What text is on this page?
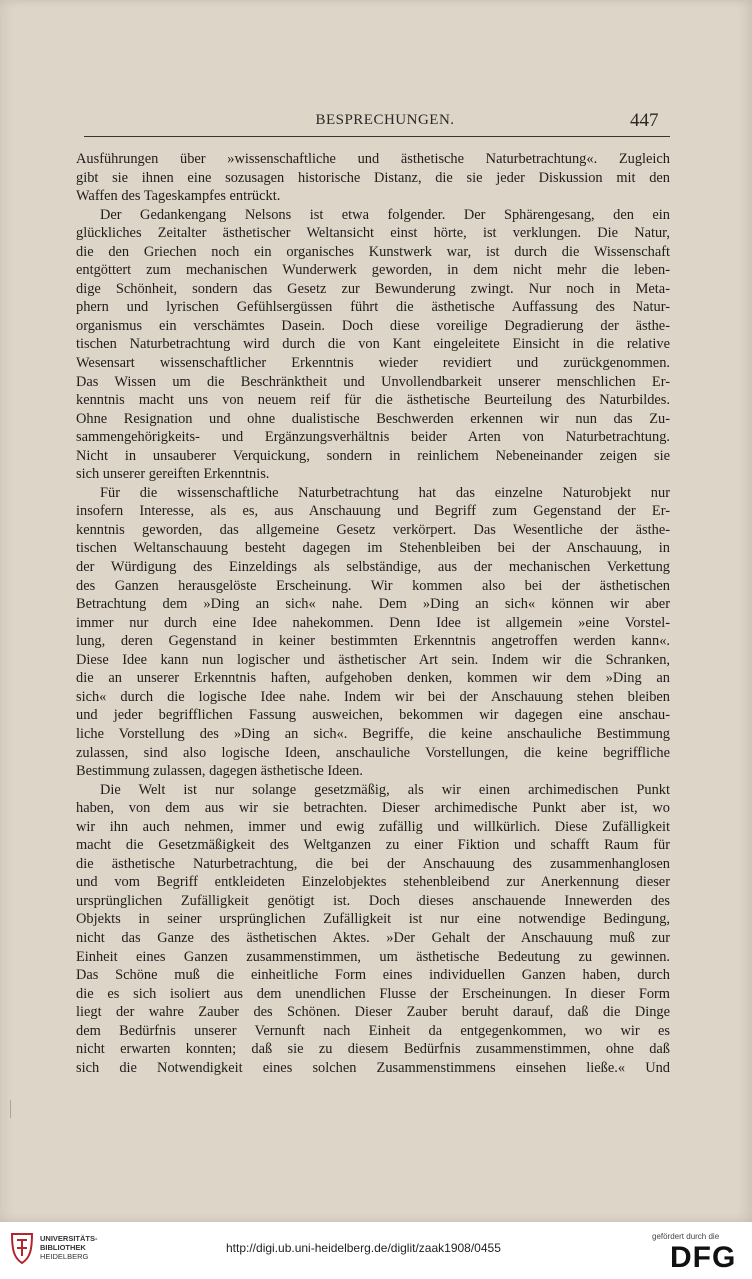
BESPRECHUNGEN.	447

Ausführungen über »wissenschaftliche und ästhetische Naturbetrachtung«. Zugleich

gibt sie ihnen eine sozusagen historische Distanz, die sie jeder Diskussion mit den

Waffen des Tageskampfes entrückt.

Der Gedankengang Nelsons ist etwa folgender. Der Sphärengesang, den ein

glückliches Zeitalter ästhetischer Weltansicht einst hörte, ist verklungen. Die Natur,

die den Griechen noch ein organisches Kunstwerk war, ist durch die Wissenschaft

entgöttert zum mechanischen Wunderwerk geworden, in dem nicht mehr die leben-

dige Schönheit, sondern das Gesetz zur Bewunderung zwingt. Nur noch in Meta-

phern und lyrischen Gefühlsergüssen führt die ästhetische Auffassung des Natur-

organismus ein verschämtes Dasein. Doch diese voreilige Degradierung der ästhe-

tischen Naturbetrachtung wird durch die von Kant eingeleitete Einsicht in die relative

Wesensart wissenschaftlicher Erkenntnis wieder revidiert und zurückgenommen.

Das Wissen um die Beschränktheit und Unvollendbarkeit unserer menschlichen Er-

kenntnis macht uns von neuem reif für die ästhetische Beurteilung des Naturbildes.

Ohne Resignation und ohne dualistische Beschwerden erkennen wir nun das Zu-

sammengehörigkeits- und Ergänzungsverhältnis beider Arten von Naturbetrachtung.

Nicht in unsauberer Verquickung, sondern in reinlichem Nebeneinander zeigen sie

sich unserer gereiften Erkenntnis.

Für die wissenschaftliche Naturbetrachtung hat das einzelne Naturobjekt nur

insofern Interesse, als es, aus Anschauung und Begriff zum Gegenstand der Er-

kenntnis geworden, das allgemeine Gesetz verkörpert. Das Wesentliche der ästhe-

tischen Weltanschauung besteht dagegen im Stehenbleiben bei der Anschauung, in

der Würdigung des Einzeldings als selbständige, aus der mechanischen Verkettung

des Ganzen herausgelöste Erscheinung. Wir kommen also bei der ästhetischen

Betrachtung dem »Ding an sich« nahe. Dem »Ding an sich« können wir aber

immer nur durch eine Idee nahekommen. Denn Idee ist allgemein »eine Vorstel-

lung, deren Gegenstand in keiner bestimmten Erkenntnis angetroffen werden kann«.

Diese Idee kann nun logischer und ästhetischer Art sein. Indem wir die Schranken,

die an unserer Erkenntnis haften, aufgehoben denken, kommen wir dem »Ding an

sich« durch die logische Idee nahe. Indem wir bei der Anschauung stehen bleiben

und jeder begrifflichen Fassung ausweichen, bekommen wir dagegen eine anschau-

liche Vorstellung des »Ding an sich«. Begriffe, die keine anschauliche Bestimmung

zulassen, sind also logische Ideen, anschauliche Vorstellungen, die keine begriffliche

Bestimmung zulassen, dagegen ästhetische Ideen.

Die Welt ist nur solange gesetzmäßig, als wir einen archimedischen Punkt

haben, von dem aus wir sie betrachten. Dieser archimedische Punkt aber ist, wo

wir ihn auch nehmen, immer und ewig zufällig und willkürlich. Diese Zufälligkeit

macht die Gesetzmäßigkeit des Weltganzen zu einer Fiktion und schafft Raum für

die ästhetische Naturbetrachtung, die bei der Anschauung des zusammenhanglosen

und vom Begriff entkleideten Einzelobjektes stehenbleibend zur Anerkennung dieser

ursprünglichen Zufälligkeit genötigt ist. Doch dieses anschauende Innewerden des

Objekts in seiner ursprünglichen Zufälligkeit ist nur eine notwendige Bedingung,

nicht das Ganze des ästhetischen Aktes. »Der Gehalt der Anschauung muß zur

Einheit eines Ganzen zusammenstimmen, um ästhetische Bedeutung zu gewinnen.

Das Schöne muß die einheitliche Form eines individuellen Ganzen haben, durch

die es sich isoliert aus dem unendlichen Flusse der Erscheinungen. In dieser Form

liegt der wahre Zauber des Schönen. Dieser Zauber beruht darauf, daß die Dinge

dem Bedürfnis unserer Vernunft nach Einheit da entgegenkommen, wo wir es

nicht erwarten konnten; daß sie zu diesem Bedürfnis zusammenstimmen, ohne daß

sich die Notwendigkeit eines solchen Zusammenstimmens einsehen ließe.« Und

UNIVERSITÄTS-
BIBLIOTHEK
HEIDELBERG
http://digi.ub.uni-heidelberg.de/diglit/zaak1908/0455
gefördert durch die
DFG
